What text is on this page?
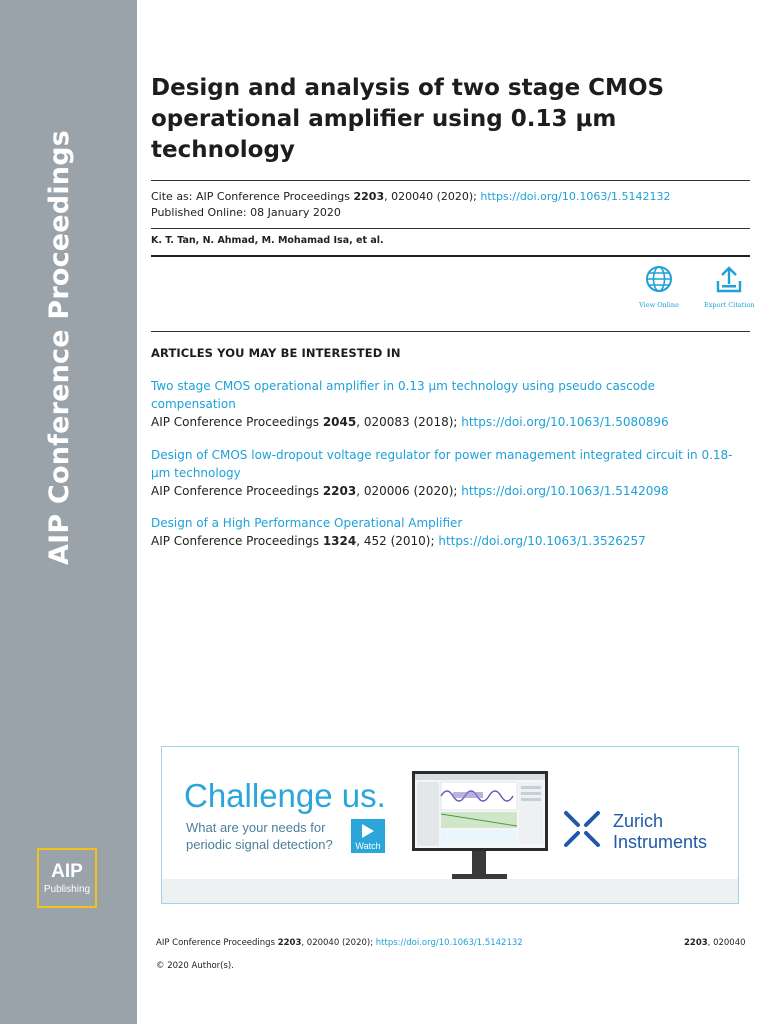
AIP Conference Proceedings
AIP
Publishing
Design and analysis of two stage CMOS operational amplifier using 0.13 μm technology
Cite as: AIP Conference Proceedings 2203, 020040 (2020); https://doi.org/10.1063/1.5142132
Published Online: 08 January 2020
K. T. Tan, N. Ahmad, M. Mohamad Isa, et al.
View Online	Export Citation
ARTICLES YOU MAY BE INTERESTED IN
Two stage CMOS operational amplifier in 0.13 μm technology using pseudo cascode compensation
AIP Conference Proceedings 2045, 020083 (2018); https://doi.org/10.1063/1.5080896
Design of CMOS low-dropout voltage regulator for power management integrated circuit in 0.18-μm technology
AIP Conference Proceedings 2203, 020006 (2020); https://doi.org/10.1063/1.5142098
Design of a High Performance Operational Amplifier
AIP Conference Proceedings 1324, 452 (2010); https://doi.org/10.1063/1.3526257
Challenge us.
What are your needs for periodic signal detection?	Watch
Zurich
Instruments
AIP Conference Proceedings 2203, 020040 (2020); https://doi.org/10.1063/1.5142132	2203, 020040
© 2020 Author(s).
